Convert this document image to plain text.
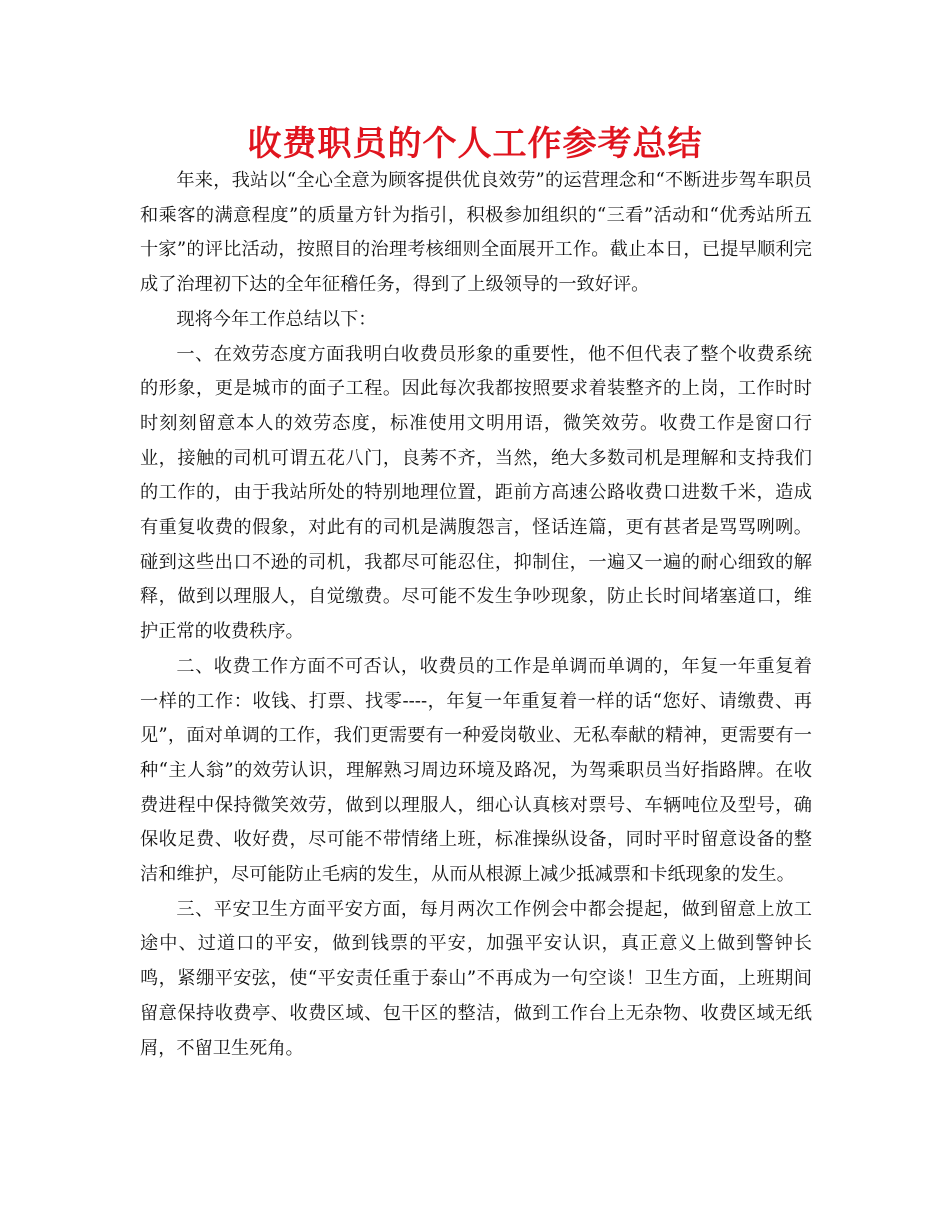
收费职员的个人工作参考总结

年来，我站以“全心全意为顾客提供优良效劳”的运营理念和“不断进步驾车职员和乘客的满意程度”的质量方针为指引，积极参加组织的“三看”活动和“优秀站所五十家”的评比活动，按照目的治理考核细则全面展开工作。截止本日，已提早顺利完成了治理初下达的全年征稽任务，得到了上级领导的一致好评。

现将今年工作总结以下：

一、在效劳态度方面我明白收费员形象的重要性，他不但代表了整个收费系统的形象，更是城市的面子工程。因此每次我都按照要求着装整齐的上岗，工作时时时刻刻留意本人的效劳态度，标准使用文明用语，微笑效劳。收费工作是窗口行业，接触的司机可谓五花八门，良莠不齐，当然，绝大多数司机是理解和支持我们的工作的，由于我站所处的特别地理位置，距前方高速公路收费口进数千米，造成有重复收费的假象，对此有的司机是满腹怨言，怪话连篇，更有甚者是骂骂咧咧。碰到这些出口不逊的司机，我都尽可能忍住，抑制住，一遍又一遍的耐心细致的解释，做到以理服人，自觉缴费。尽可能不发生争吵现象，防止长时间堵塞道口，维护正常的收费秩序。

二、收费工作方面不可否认，收费员的工作是单调而单调的，年复一年重复着一样的工作：收钱、打票、找零----，年复一年重复着一样的话“您好、请缴费、再见”，面对单调的工作，我们更需要有一种爱岗敬业、无私奉献的精神，更需要有一种“主人翁”的效劳认识，理解熟习周边环境及路况，为驾乘职员当好指路牌。在收费进程中保持微笑效劳，做到以理服人，细心认真核对票号、车辆吨位及型号，确保收足费、收好费，尽可能不带情绪上班，标准操纵设备，同时平时留意设备的整洁和维护，尽可能防止毛病的发生，从而从根源上减少抵减票和卡纸现象的发生。

三、平安卫生方面平安方面，每月两次工作例会中都会提起，做到留意上放工途中、过道口的平安，做到钱票的平安，加强平安认识，真正意义上做到警钟长鸣，紧绷平安弦，使“平安责任重于泰山”不再成为一句空谈！卫生方面，上班期间留意保持收费亭、收费区域、包干区的整洁，做到工作台上无杂物、收费区域无纸屑，不留卫生死角。
